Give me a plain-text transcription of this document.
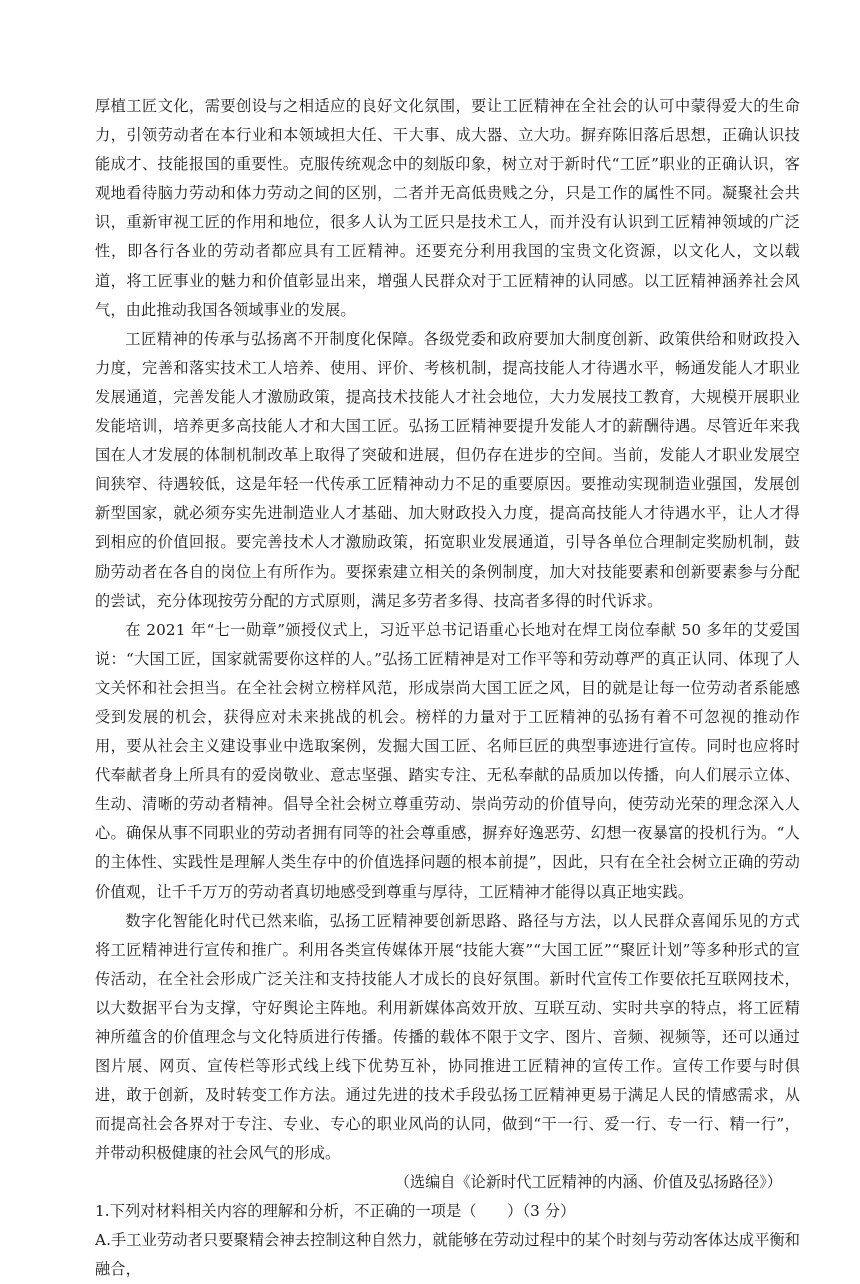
厚植工匠文化，需要创设与之相适应的良好文化氛围，要让工匠精神在全社会的认可中蒙得爱大的生命力，引领劳动者在本行业和本领域担大任、干大事、成大器、立大功。摒弃陈旧落后思想，正确认识技能成才、技能报国的重要性。克服传统观念中的刻版印象，树立对于新时代“工匠”职业的正确认识，客观地看待脑力劳动和体力劳动之间的区别，二者并无高低贵贱之分，只是工作的属性不同。凝聚社会共识，重新审视工匠的作用和地位，很多人认为工匠只是技术工人，而并没有认识到工匠精神领域的广泛性，即各行各业的劳动者都应具有工匠精神。还要充分利用我国的宝贵文化资源，以文化人，文以载道，将工匠事业的魅力和价值彰显出来，增强人民群众对于工匠精神的认同感。以工匠精神涵养社会风气，由此推动我国各领域事业的发展。

工匠精神的传承与弘扬离不开制度化保障。各级党委和政府要加大制度创新、政策供给和财政投入力度，完善和落实技术工人培养、使用、评价、考核机制，提高技能人才待遇水平，畅通发能人才职业发展通道，完善发能人才激励政策，提高技术技能人才社会地位，大力发展技工教育，大规模开展职业发能培训，培养更多高技能人才和大国工匠。弘扬工匠精神要提升发能人才的薪酬待遇。尽管近年来我国在人才发展的体制机制改革上取得了突破和进展，但仍存在进步的空间。当前，发能人才职业发展空间狭窄、待遇较低，这是年轻一代传承工匠精神动力不足的重要原因。要推动实现制造业强国，发展创新型国家，就必须夯实先进制造业人才基础、加大财政投入力度，提高高技能人才待遇水平，让人才得到相应的价值回报。要完善技术人才激励政策，拓宽职业发展通道，引导各单位合理制定奖励机制，鼓励劳动者在各自的岗位上有所作为。要探索建立相关的条例制度，加大对技能要素和创新要素参与分配的尝试，充分体现按劳分配的方式原则，满足多劳者多得、技高者多得的时代诉求。

在 2021 年“七一勋章”颁授仪式上，习近平总书记语重心长地对在焊工岗位奉献 50 多年的艾爱国说：“大国工匠，国家就需要你这样的人。”弘扬工匠精神是对工作平等和劳动尊严的真正认同、体现了人文关怀和社会担当。在全社会树立榜样风范，形成崇尚大国工匠之风，目的就是让每一位劳动者系能感受到发展的机会，获得应对未来挑战的机会。榜样的力量对于工匠精神的弘扬有着不可忽视的推动作用，要从社会主义建设事业中选取案例，发掘大国工匠、名师巨匠的典型事迹进行宣传。同时也应将时代奉献者身上所具有的爱岗敬业、意志坚强、踏实专注、无私奉献的品质加以传播，向人们展示立体、生动、清晰的劳动者精神。倡导全社会树立尊重劳动、崇尚劳动的价值导向，使劳动光荣的理念深入人心。确保从事不同职业的劳动者拥有同等的社会尊重感，摒弃好逸恶劳、幻想一夜暴富的投机行为。“人的主体性、实践性是理解人类生存中的价值选择问题的根本前提”，因此，只有在全社会树立正确的劳动价值观，让千千万万的劳动者真切地感受到尊重与厚待，工匠精神才能得以真正地实践。

数字化智能化时代已然来临，弘扬工匠精神要创新思路、路径与方法，以人民群众喜闻乐见的方式将工匠精神进行宣传和推广。利用各类宣传媒体开展“技能大赛”“大国工匠”“聚匠计划”等多种形式的宣传活动，在全社会形成广泛关注和支持技能人才成长的良好氛围。新时代宣传工作要依托互联网技术，以大数据平台为支撑，守好舆论主阵地。利用新媒体高效开放、互联互动、实时共享的特点，将工匠精神所蕴含的价值理念与文化特质进行传播。传播的载体不限于文字、图片、音频、视频等，还可以通过图片展、网页、宣传栏等形式线上线下优势互补，协同推进工匠精神的宣传工作。宣传工作要与时俱进，敢于创新，及时转变工作方法。通过先进的技术手段弘扬工匠精神更易于满足人民的情感需求，从而提高社会各界对于专注、专业、专心的职业风尚的认同，做到“干一行、爱一行、专一行、精一行”，并带动积极健康的社会风气的形成。

（选编自《论新时代工匠精神的内涵、价值及弘扬路径》）

1.下列对材料相关内容的理解和分析，不正确的一项是（　　）（3 分）

A.手工业劳动者只要聚精会神去控制这种自然力，就能够在劳动过程中的某个时刻与劳动客体达成平衡和融合，
